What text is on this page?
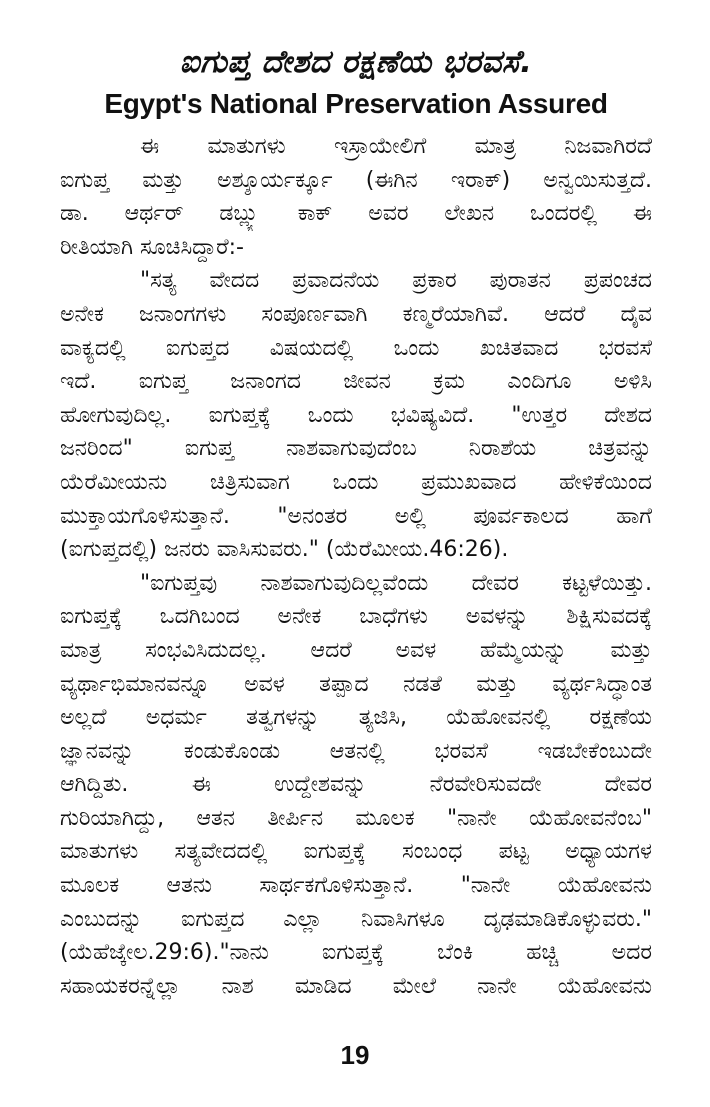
ಐಗುಪ್ತ ದೇಶದ ರಕ್ಷಣೆಯ ಭರವಸೆ.
Egypt's National Preservation Assured

ಈ ಮಾತುಗಳು ಇಸ್ರಾಯೇಲಿಗೆ ಮಾತ್ರ ನಿಜವಾಗಿರದೆ
ಐಗುಪ್ತ ಮತ್ತು ಅಶ್ಶೂರ್ಯರ್ಕ್ಕೂ (ಈಗಿನ ಇರಾಕ್) ಅನ್ವಯಿಸುತ್ತದೆ.
ಡಾ. ಆರ್ಥರ್ ಡಬ್ಲ್ಯು ಕಾಕ್ ಅವರ ಲೇಖನ ಒಂದರಲ್ಲಿ ಈ
ರೀತಿಯಾಗಿ ಸೂಚಿಸಿದ್ದಾರೆ:-

"ಸತ್ಯ ವೇದದ ಪ್ರವಾದನೆಯ ಪ್ರಕಾರ ಪುರಾತನ ಪ್ರಪಂಚದ
ಅನೇಕ ಜನಾಂಗಗಳು ಸಂಪೂರ್ಣವಾಗಿ ಕಣ್ಮರೆಯಾಗಿವೆ. ಆದರೆ ದೈವ
ವಾಕ್ಯದಲ್ಲಿ ಐಗುಪ್ತದ ವಿಷಯದಲ್ಲಿ ಒಂದು ಖಚಿತವಾದ ಭರವಸೆ
ಇದೆ. ಐಗುಪ್ತ ಜನಾಂಗದ ಜೀವನ ಕ್ರಮ ಎಂದಿಗೂ ಅಳಿಸಿ
ಹೋಗುವುದಿಲ್ಲ. ಐಗುಪ್ತಕ್ಕೆ ಒಂದು ಭವಿಷ್ಯವಿದೆ. "ಉತ್ತರ ದೇಶದ
ಜನರಿಂದ" ಐಗುಪ್ತ ನಾಶವಾಗುವುದೆಂಬ ನಿರಾಶೆಯ ಚಿತ್ರವನ್ನು
ಯೆರೆಮೀಯನು ಚಿತ್ರಿಸುವಾಗ ಒಂದು ಪ್ರಮುಖವಾದ ಹೇಳಿಕೆಯಿಂದ
ಮುಕ್ತಾಯಗೊಳಿಸುತ್ತಾನೆ. "ಅನಂತರ ಅಲ್ಲಿ ಪೂರ್ವಕಾಲದ ಹಾಗೆ
(ಐಗುಪ್ತದಲ್ಲಿ) ಜನರು ವಾಸಿಸುವರು." (ಯೆರೆಮೀಯ.46:26).

"ಐಗುಪ್ತವು ನಾಶವಾಗುವುದಿಲ್ಲವೆಂದು ದೇವರ ಕಟ್ಟಳೆಯಿತ್ತು.
ಐಗುಪ್ತಕ್ಕೆ ಒದಗಿಬಂದ ಅನೇಕ ಬಾಧೆಗಳು ಅವಳನ್ನು ಶಿಕ್ಷಿಸುವದಕ್ಕೆ
ಮಾತ್ರ ಸಂಭವಿಸಿದುದಲ್ಲ. ಆದರೆ ಅವಳ ಹೆಮ್ಮೆಯನ್ನು ಮತ್ತು
ವ್ಯರ್ಥಾಭಿಮಾನವನ್ನೂ ಅವಳ ತಪ್ಪಾದ ನಡತೆ ಮತ್ತು ವ್ಯರ್ಥಸಿದ್ಧಾಂತ
ಅಲ್ಲದೆ ಅಧರ್ಮ ತತ್ವಗಳನ್ನು ತ್ಯಜಿಸಿ, ಯೆಹೋವನಲ್ಲಿ ರಕ್ಷಣೆಯ
ಜ್ಞಾನವನ್ನು ಕಂಡುಕೊಂಡು ಆತನಲ್ಲಿ ಭರವಸೆ ಇಡಬೇಕೆಂಬುದೇ
ಆಗಿದ್ದಿತು. ಈ ಉದ್ದೇಶವನ್ನು ನೆರವೇರಿಸುವದೇ ದೇವರ
ಗುರಿಯಾಗಿದ್ದು, ಆತನ ತೀರ್ಪಿನ ಮೂಲಕ "ನಾನೇ ಯೆಹೋವನೆಂಬ"
ಮಾತುಗಳು ಸತ್ಯವೇದದಲ್ಲಿ ಐಗುಪ್ತಕ್ಕೆ ಸಂಬಂಧ ಪಟ್ಟ ಅಧ್ಯಾಯಗಳ
ಮೂಲಕ ಆತನು ಸಾರ್ಥಕಗೊಳಿಸುತ್ತಾನೆ. "ನಾನೇ ಯೆಹೋವನು
ಎಂಬುದನ್ನು ಐಗುಪ್ತದ ಎಲ್ಲಾ ನಿವಾಸಿಗಳೂ ದೃಢಮಾಡಿಕೊಳ್ಳುವರು."
(ಯೆಹೆಜ್ಕೇಲ.29:6)."ನಾನು ಐಗುಪ್ತಕ್ಕೆ ಬೆಂಕಿ ಹಚ್ಚಿ ಅದರ
ಸಹಾಯಕರನ್ನೆಲ್ಲಾ ನಾಶ ಮಾಡಿದ ಮೇಲೆ ನಾನೇ ಯೆಹೋವನು

19
